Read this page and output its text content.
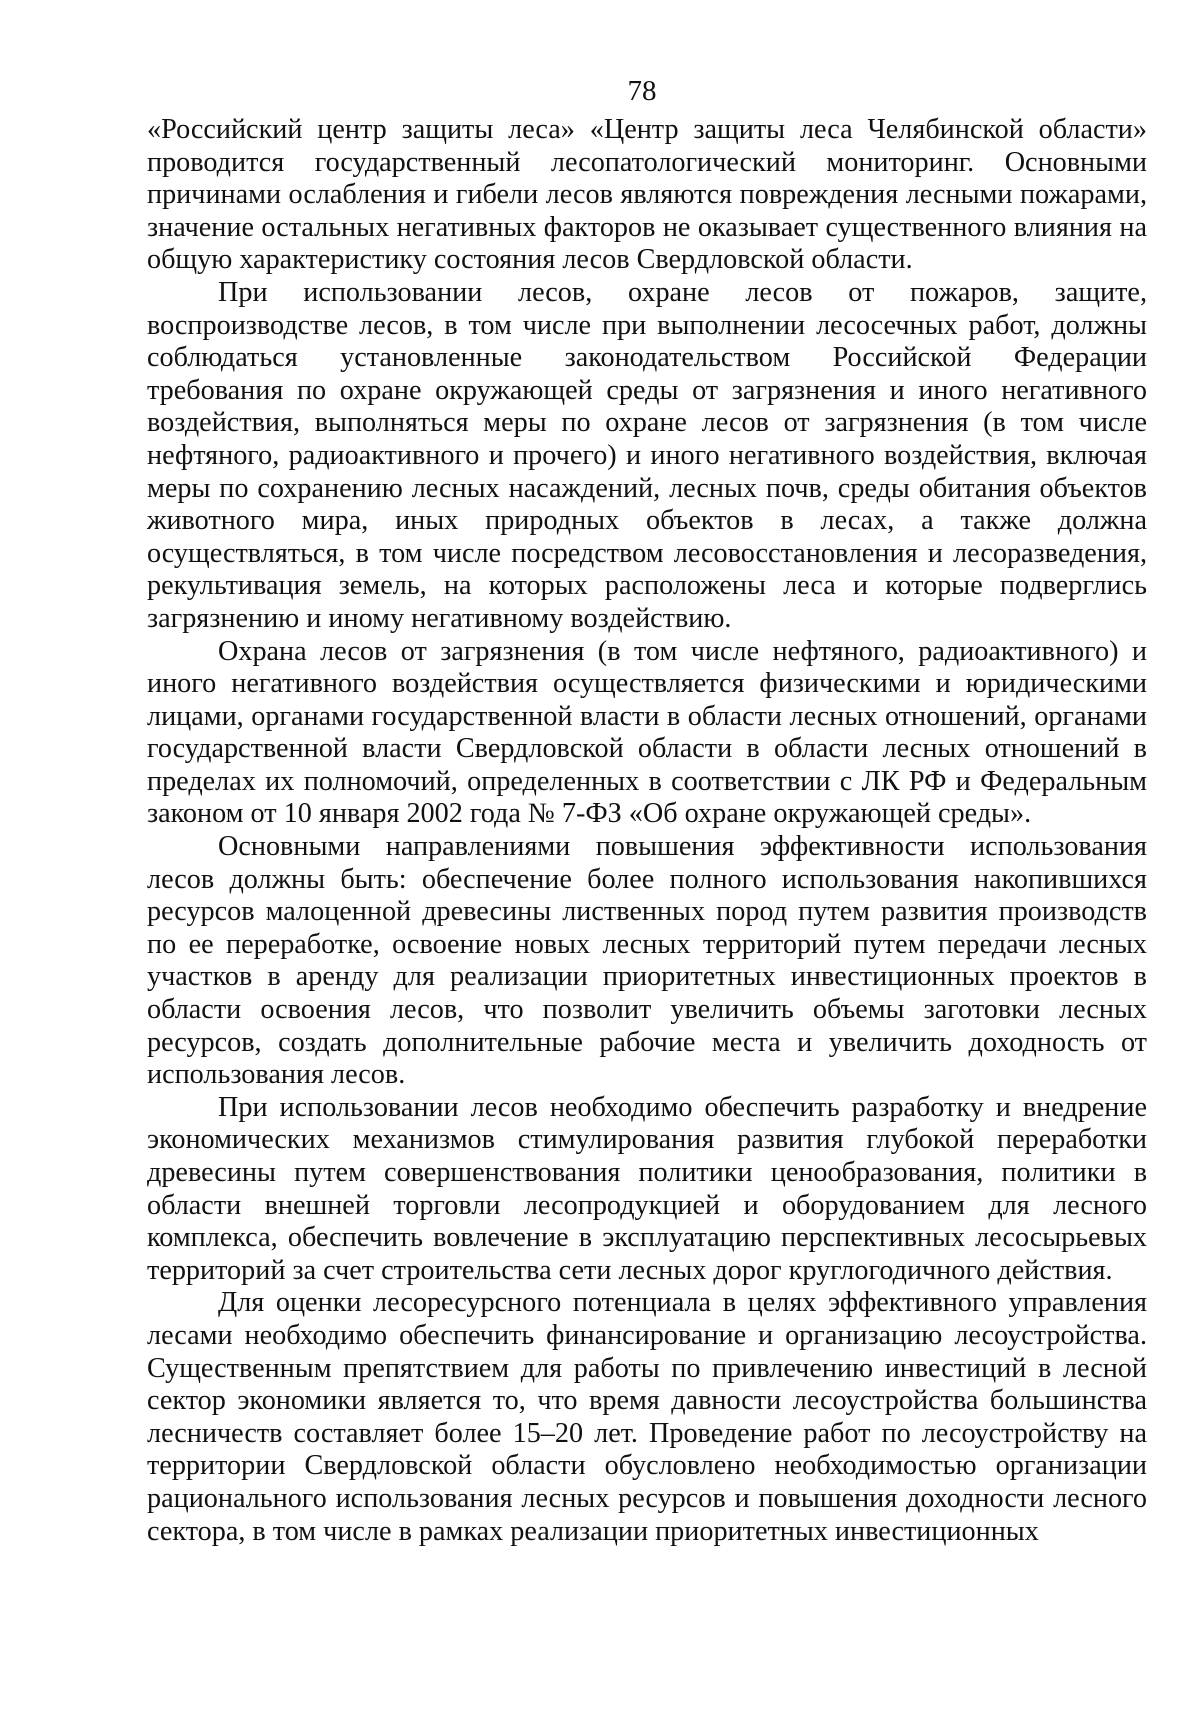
78

«Российский центр защиты леса» «Центр защиты леса Челябинской области» проводится государственный лесопатологический мониторинг. Основными причинами ослабления и гибели лесов являются повреждения лесными пожарами, значение остальных негативных факторов не оказывает существенного влияния на общую характеристику состояния лесов Свердловской области.

При использовании лесов, охране лесов от пожаров, защите, воспроизводстве лесов, в том числе при выполнении лесосечных работ, должны соблюдаться установленные законодательством Российской Федерации требования по охране окружающей среды от загрязнения и иного негативного воздействия, выполняться меры по охране лесов от загрязнения (в том числе нефтяного, радиоактивного и прочего) и иного негативного воздействия, включая меры по сохранению лесных насаждений, лесных почв, среды обитания объектов животного мира, иных природных объектов в лесах, а также должна осуществляться, в том числе посредством лесовосстановления и лесоразведения, рекультивация земель, на которых расположены леса и которые подверглись загрязнению и иному негативному воздействию.

Охрана лесов от загрязнения (в том числе нефтяного, радиоактивного) и иного негативного воздействия осуществляется физическими и юридическими лицами, органами государственной власти в области лесных отношений, органами государственной власти Свердловской области в области лесных отношений в пределах их полномочий, определенных в соответствии с ЛК РФ и Федеральным законом от 10 января 2002 года № 7-ФЗ «Об охране окружающей среды».

Основными направлениями повышения эффективности использования лесов должны быть: обеспечение более полного использования накопившихся ресурсов малоценной древесины лиственных пород путем развития производств по ее переработке, освоение новых лесных территорий путем передачи лесных участков в аренду для реализации приоритетных инвестиционных проектов в области освоения лесов, что позволит увеличить объемы заготовки лесных ресурсов, создать дополнительные рабочие места и увеличить доходность от использования лесов.

При использовании лесов необходимо обеспечить разработку и внедрение экономических механизмов стимулирования развития глубокой переработки древесины путем совершенствования политики ценообразования, политики в области внешней торговли лесопродукцией и оборудованием для лесного комплекса, обеспечить вовлечение в эксплуатацию перспективных лесосырьевых территорий за счет строительства сети лесных дорог круглогодичного действия.

Для оценки лесоресурсного потенциала в целях эффективного управления лесами необходимо обеспечить финансирование и организацию лесоустройства. Существенным препятствием для работы по привлечению инвестиций в лесной сектор экономики является то, что время давности лесоустройства большинства лесничеств составляет более 15–20 лет. Проведение работ по лесоустройству на территории Свердловской области обусловлено необходимостью организации рационального использования лесных ресурсов и повышения доходности лесного сектора, в том числе в рамках реализации приоритетных инвестиционных
